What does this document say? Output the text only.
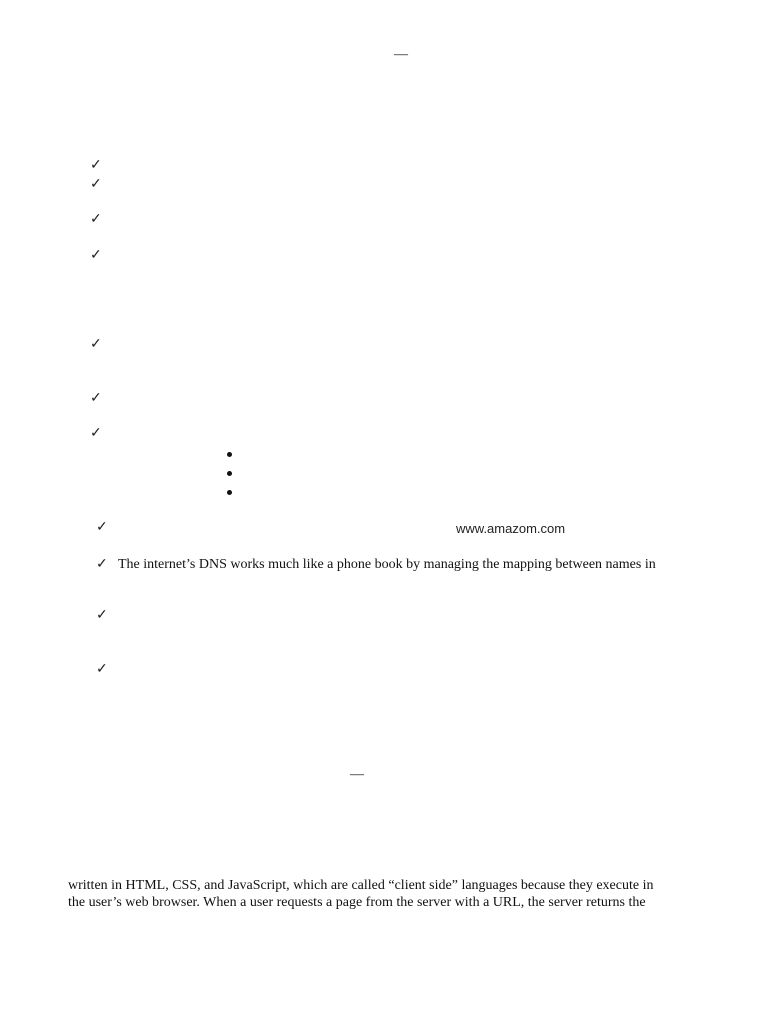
—
✓
✓
✓
✓
✓
✓
✓
✓	www.amazom.com
✓ The internet’s DNS works much like a phone book by managing the mapping between names in
✓
✓
—
written in HTML, CSS, and JavaScript, which are called “client side” languages because they execute in
the user’s web browser. When a user requests a page from the server with a URL, the server returns the
